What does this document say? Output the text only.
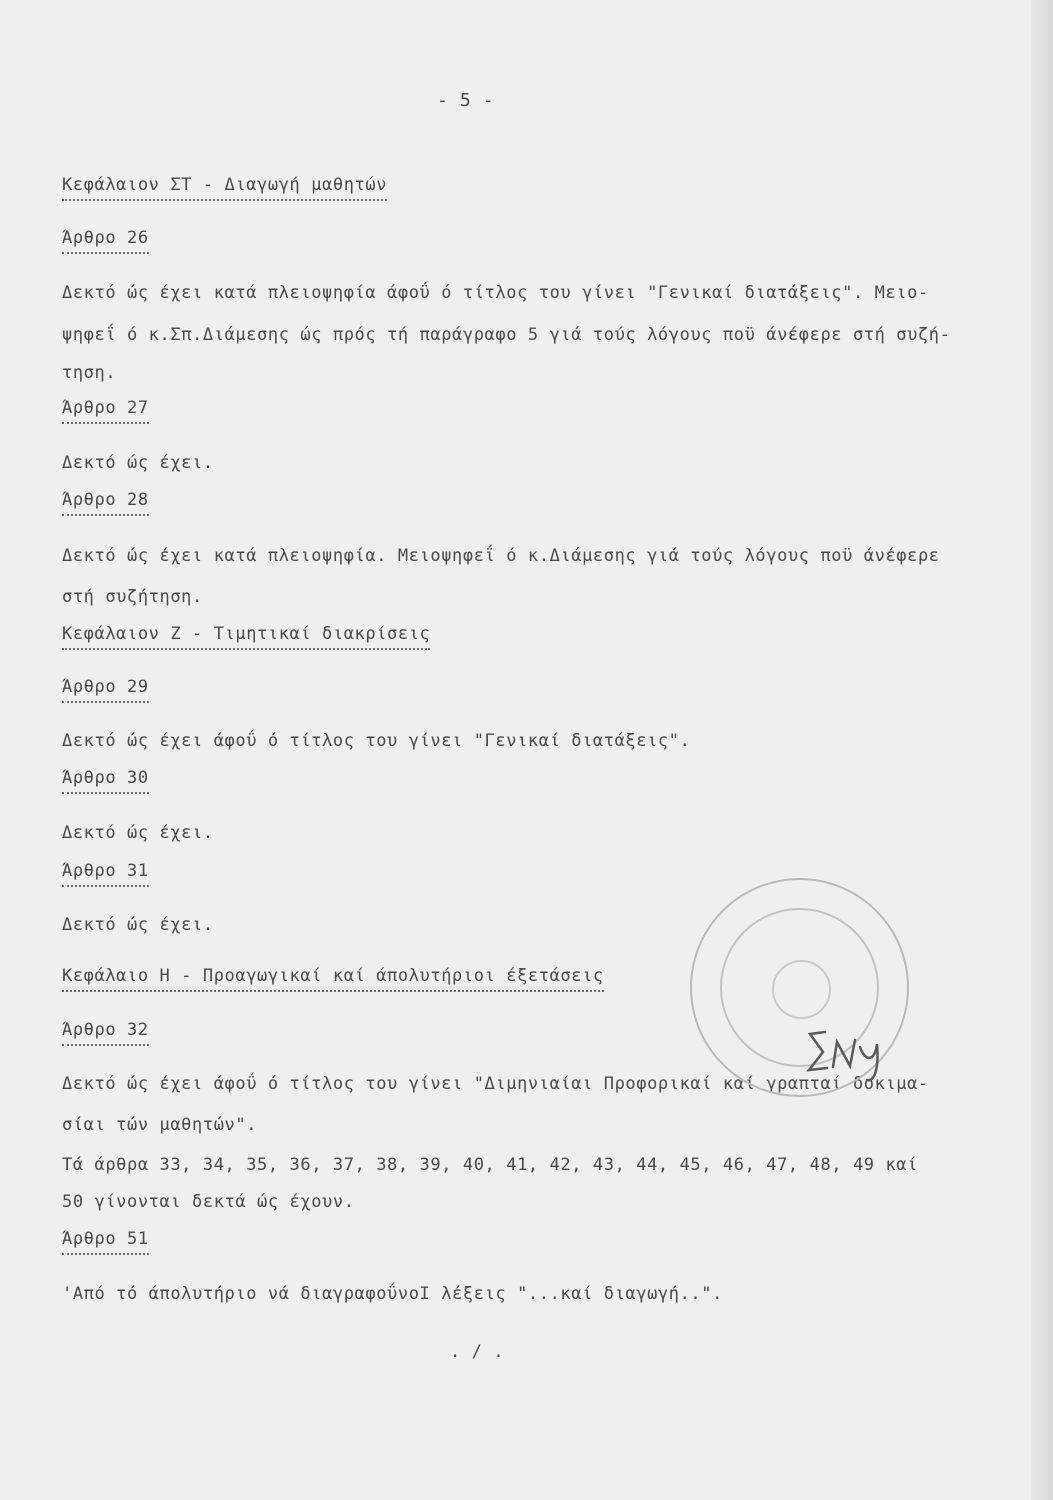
- 5 -
Κεφάλαιον ΣΤ - Διαγωγή μαθητών
Άρθρο 26
Δεκτό ώς έχει κατά πλειοψηφία άφοΰ ό τίτλος του γίνει "Γενικαί διατάξεις". Μειο-
ψηφεΐ ό κ.Σπ.Διάμεσης ώς πρός τή παράγραφο 5 γιά τούς λόγους ποϋ άνέφερε στή συζή-
τηση.
Άρθρο 27
Δεκτό ώς έχει.
Άρθρο 28
Δεκτό ώς έχει κατά πλειοψηφία. Μειοψηφεΐ ό κ.Διάμεσης γιά τούς λόγους ποϋ άνέφερε
στή συζήτηση.
Κεφάλαιον Ζ - Τιμητικαί διακρίσεις
Άρθρο 29
Δεκτό ώς έχει άφοΰ ό τίτλος του γίνει "Γενικαί διατάξεις".
Άρθρο 30
Δεκτό ώς έχει.
Άρθρο 31
Δεκτό ώς έχει.
Κεφάλαιο Η - Προαγωγικαί καί άπολυτήριοι έξετάσεις
Άρθρο 32
Δεκτό ώς έχει άφοΰ ό τίτλος του γίνει "Διμηνιαίαι Προφορικαί καί γραπταί δοκιμα-
σίαι τών μαθητών".
Τά άρθρα 33, 34, 35, 36, 37, 38, 39, 40, 41, 42, 43, 44, 45, 46, 47, 48, 49 καί
50 γίνονται δεκτά ώς έχουν.
Άρθρο 51
'Από τό άπολυτήριο νά διαγραφοΰνοΙ λέξεις "...καί διαγωγή..".
. / .
